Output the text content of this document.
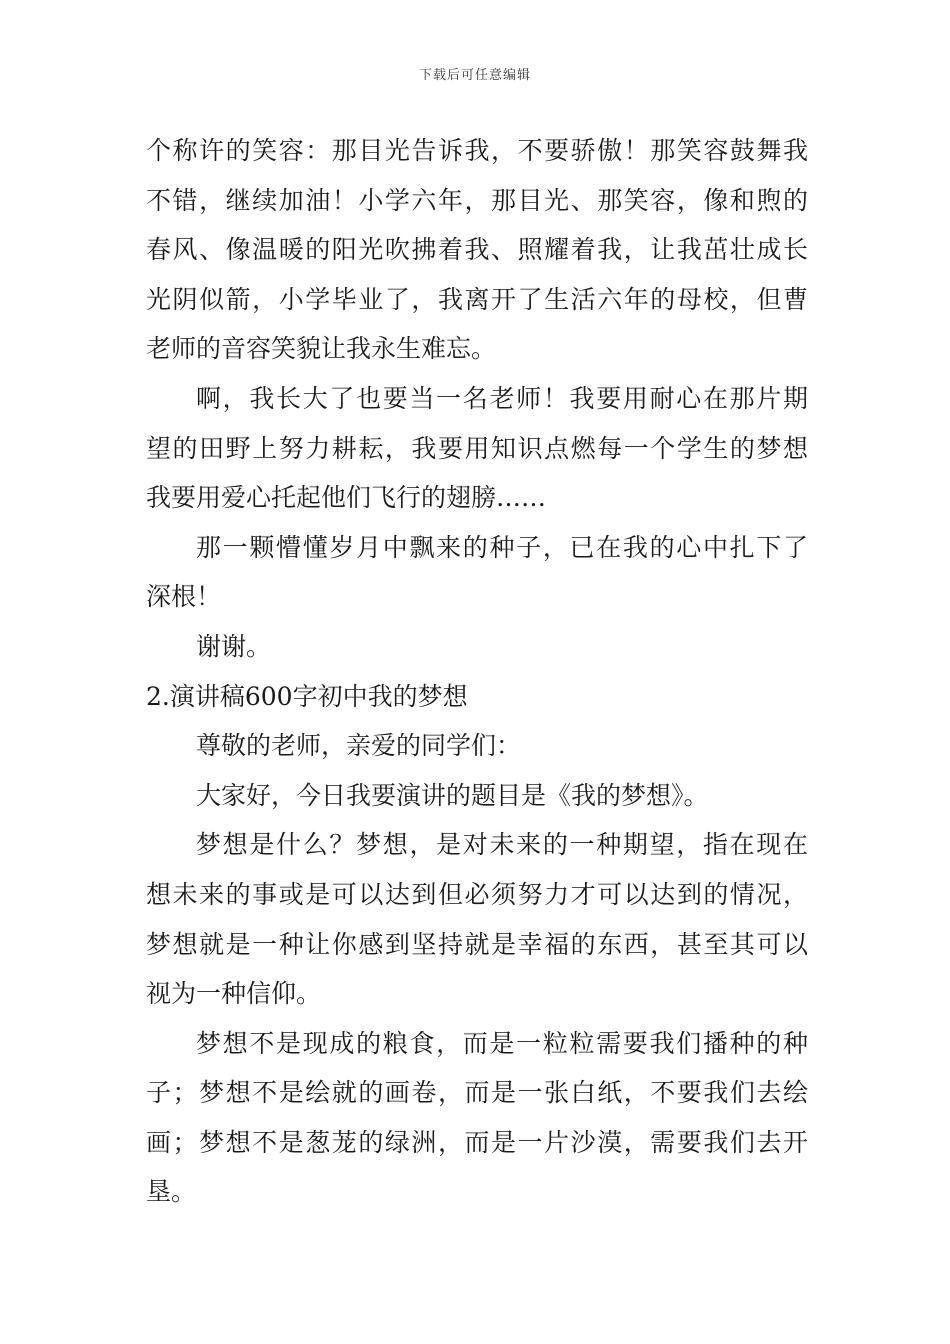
下载后可任意编辑
个称许的笑容：那目光告诉我，不要骄傲！那笑容鼓舞我
不错，继续加油！小学六年，那目光、那笑容，像和煦的
春风、像温暖的阳光吹拂着我、照耀着我，让我茁壮成长
光阴似箭，小学毕业了，我离开了生活六年的母校，但曹
老师的音容笑貌让我永生难忘。
啊，我长大了也要当一名老师！我要用耐心在那片期
望的田野上努力耕耘，我要用知识点燃每一个学生的梦想
我要用爱心托起他们飞行的翅膀……
那一颗懵懂岁月中飘来的种子，已在我的心中扎下了
深根！
谢谢。
2.演讲稿600字初中我的梦想
尊敬的老师，亲爱的同学们：
大家好，今日我要演讲的题目是《我的梦想》。
梦想是什么？梦想，是对未来的一种期望，指在现在
想未来的事或是可以达到但必须努力才可以达到的情况，
梦想就是一种让你感到坚持就是幸福的东西，甚至其可以
视为一种信仰。
梦想不是现成的粮食，而是一粒粒需要我们播种的种
子；梦想不是绘就的画卷，而是一张白纸，不要我们去绘
画；梦想不是葱茏的绿洲，而是一片沙漠，需要我们去开
垦。
